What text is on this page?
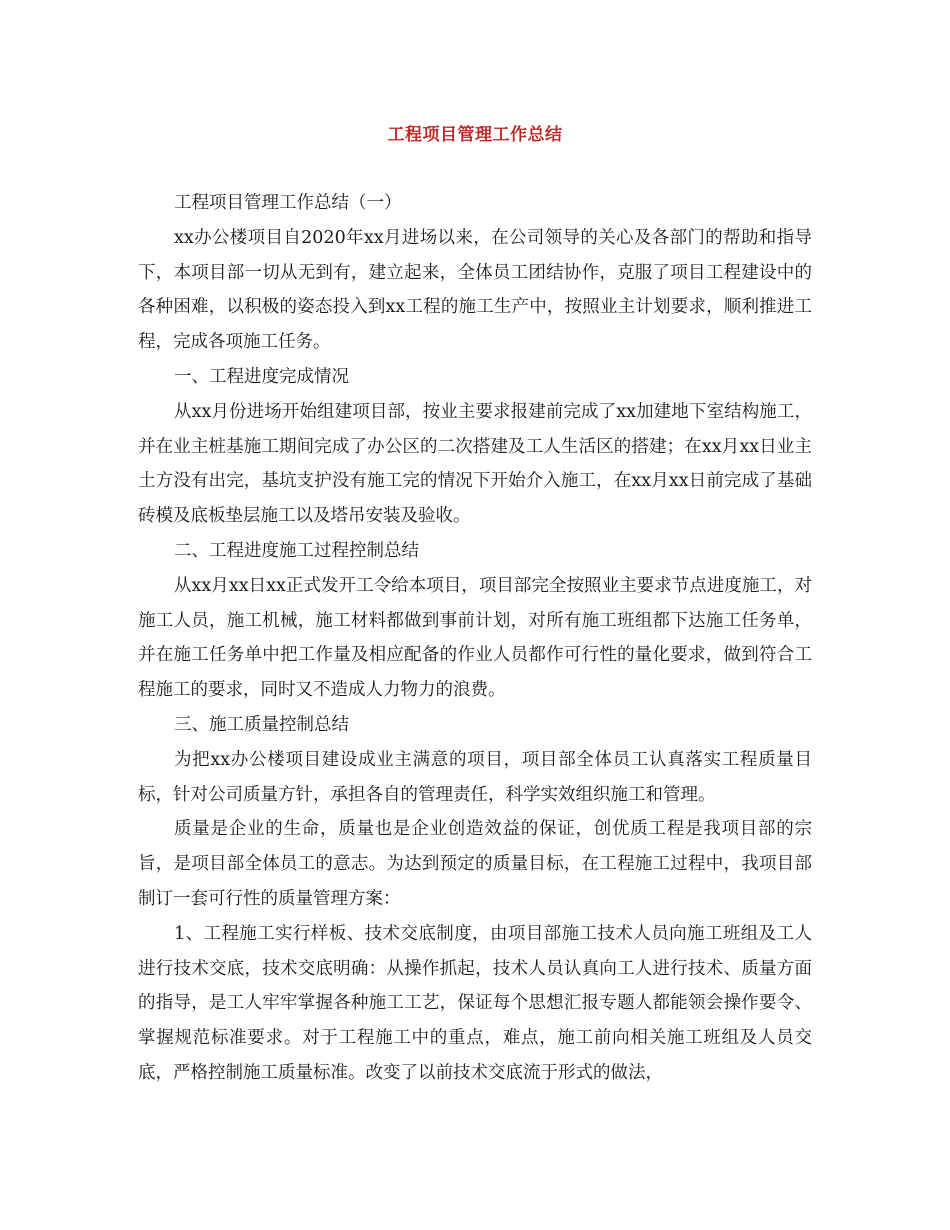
工程项目管理工作总结

工程项目管理工作总结（一）

xx办公楼项目自2020年xx月进场以来，在公司领导的关心及各部门的帮助和指导下，本项目部一切从无到有，建立起来，全体员工团结协作，克服了项目工程建设中的各种困难，以积极的姿态投入到xx工程的施工生产中，按照业主计划要求，顺利推进工程，完成各项施工任务。

一、工程进度完成情况

从xx月份进场开始组建项目部，按业主要求报建前完成了xx加建地下室结构施工，并在业主桩基施工期间完成了办公区的二次搭建及工人生活区的搭建；在xx月xx日业主土方没有出完，基坑支护没有施工完的情况下开始介入施工，在xx月xx日前完成了基础砖模及底板垫层施工以及塔吊安装及验收。

二、工程进度施工过程控制总结

从xx月xx日xx正式发开工令给本项目，项目部完全按照业主要求节点进度施工，对施工人员，施工机械，施工材料都做到事前计划，对所有施工班组都下达施工任务单，并在施工任务单中把工作量及相应配备的作业人员都作可行性的量化要求，做到符合工程施工的要求，同时又不造成人力物力的浪费。

三、施工质量控制总结

为把xx办公楼项目建设成业主满意的项目，项目部全体员工认真落实工程质量目标，针对公司质量方针，承担各自的管理责任，科学实效组织施工和管理。

质量是企业的生命，质量也是企业创造效益的保证，创优质工程是我项目部的宗旨，是项目部全体员工的意志。为达到预定的质量目标，在工程施工过程中，我项目部制订一套可行性的质量管理方案：

1、工程施工实行样板、技术交底制度，由项目部施工技术人员向施工班组及工人进行技术交底，技术交底明确：从操作抓起，技术人员认真向工人进行技术、质量方面的指导，是工人牢牢掌握各种施工工艺，保证每个思想汇报专题人都能领会操作要令、掌握规范标准要求。对于工程施工中的重点，难点，施工前向相关施工班组及人员交底，严格控制施工质量标准。改变了以前技术交底流于形式的做法，
